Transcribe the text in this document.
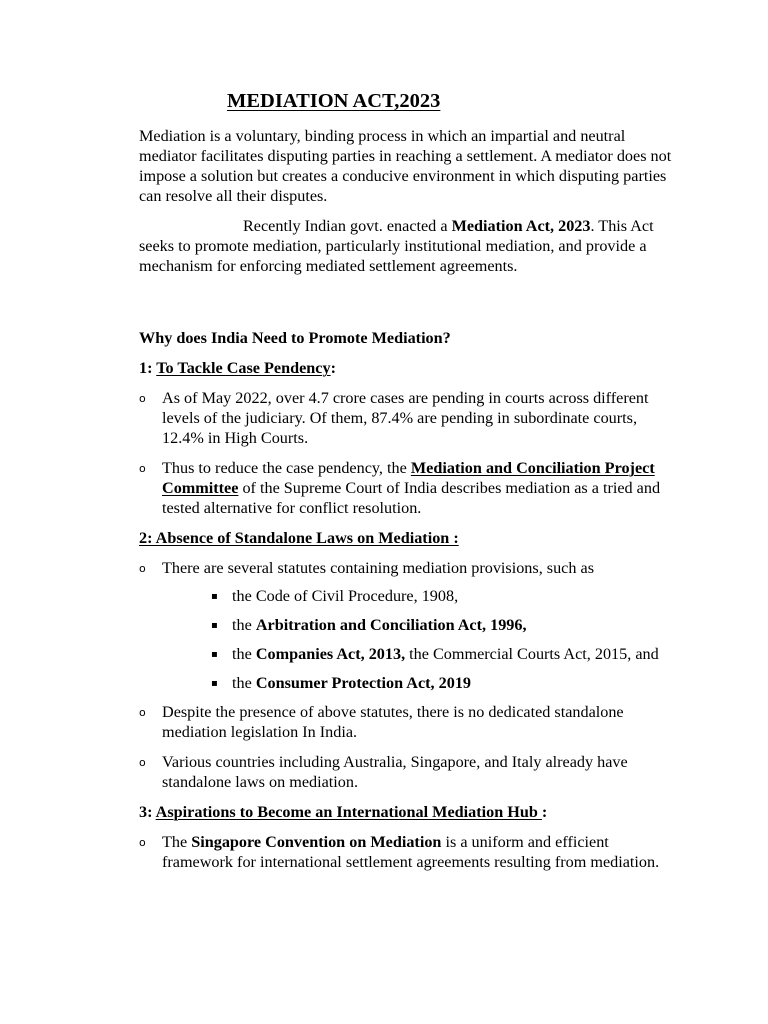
MEDIATION ACT,2023

Mediation is a voluntary, binding process in which an impartial and neutral mediator facilitates disputing parties in reaching a settlement. A mediator does not impose a solution but creates a conducive environment in which disputing parties can resolve all their disputes.

Recently Indian govt. enacted a Mediation Act, 2023. This Act seeks to promote mediation, particularly institutional mediation, and provide a mechanism for enforcing mediated settlement agreements.

Why does India Need to Promote Mediation?

1: To Tackle Case Pendency:

o As of May 2022, over 4.7 crore cases are pending in courts across different levels of the judiciary. Of them, 87.4% are pending in subordinate courts, 12.4% in High Courts.
o Thus to reduce the case pendency, the Mediation and Conciliation Project Committee of the Supreme Court of India describes mediation as a tried and tested alternative for conflict resolution.

2: Absence of Standalone Laws on Mediation :

o There are several statutes containing mediation provisions, such as
▪ the Code of Civil Procedure, 1908,
▪ the Arbitration and Conciliation Act, 1996,
▪ the Companies Act, 2013, the Commercial Courts Act, 2015, and
▪ the Consumer Protection Act, 2019
o Despite the presence of above statutes, there is no dedicated standalone mediation legislation In India.
o Various countries including Australia, Singapore, and Italy already have standalone laws on mediation.

3: Aspirations to Become an International Mediation Hub :

o The Singapore Convention on Mediation is a uniform and efficient framework for international settlement agreements resulting from mediation.
